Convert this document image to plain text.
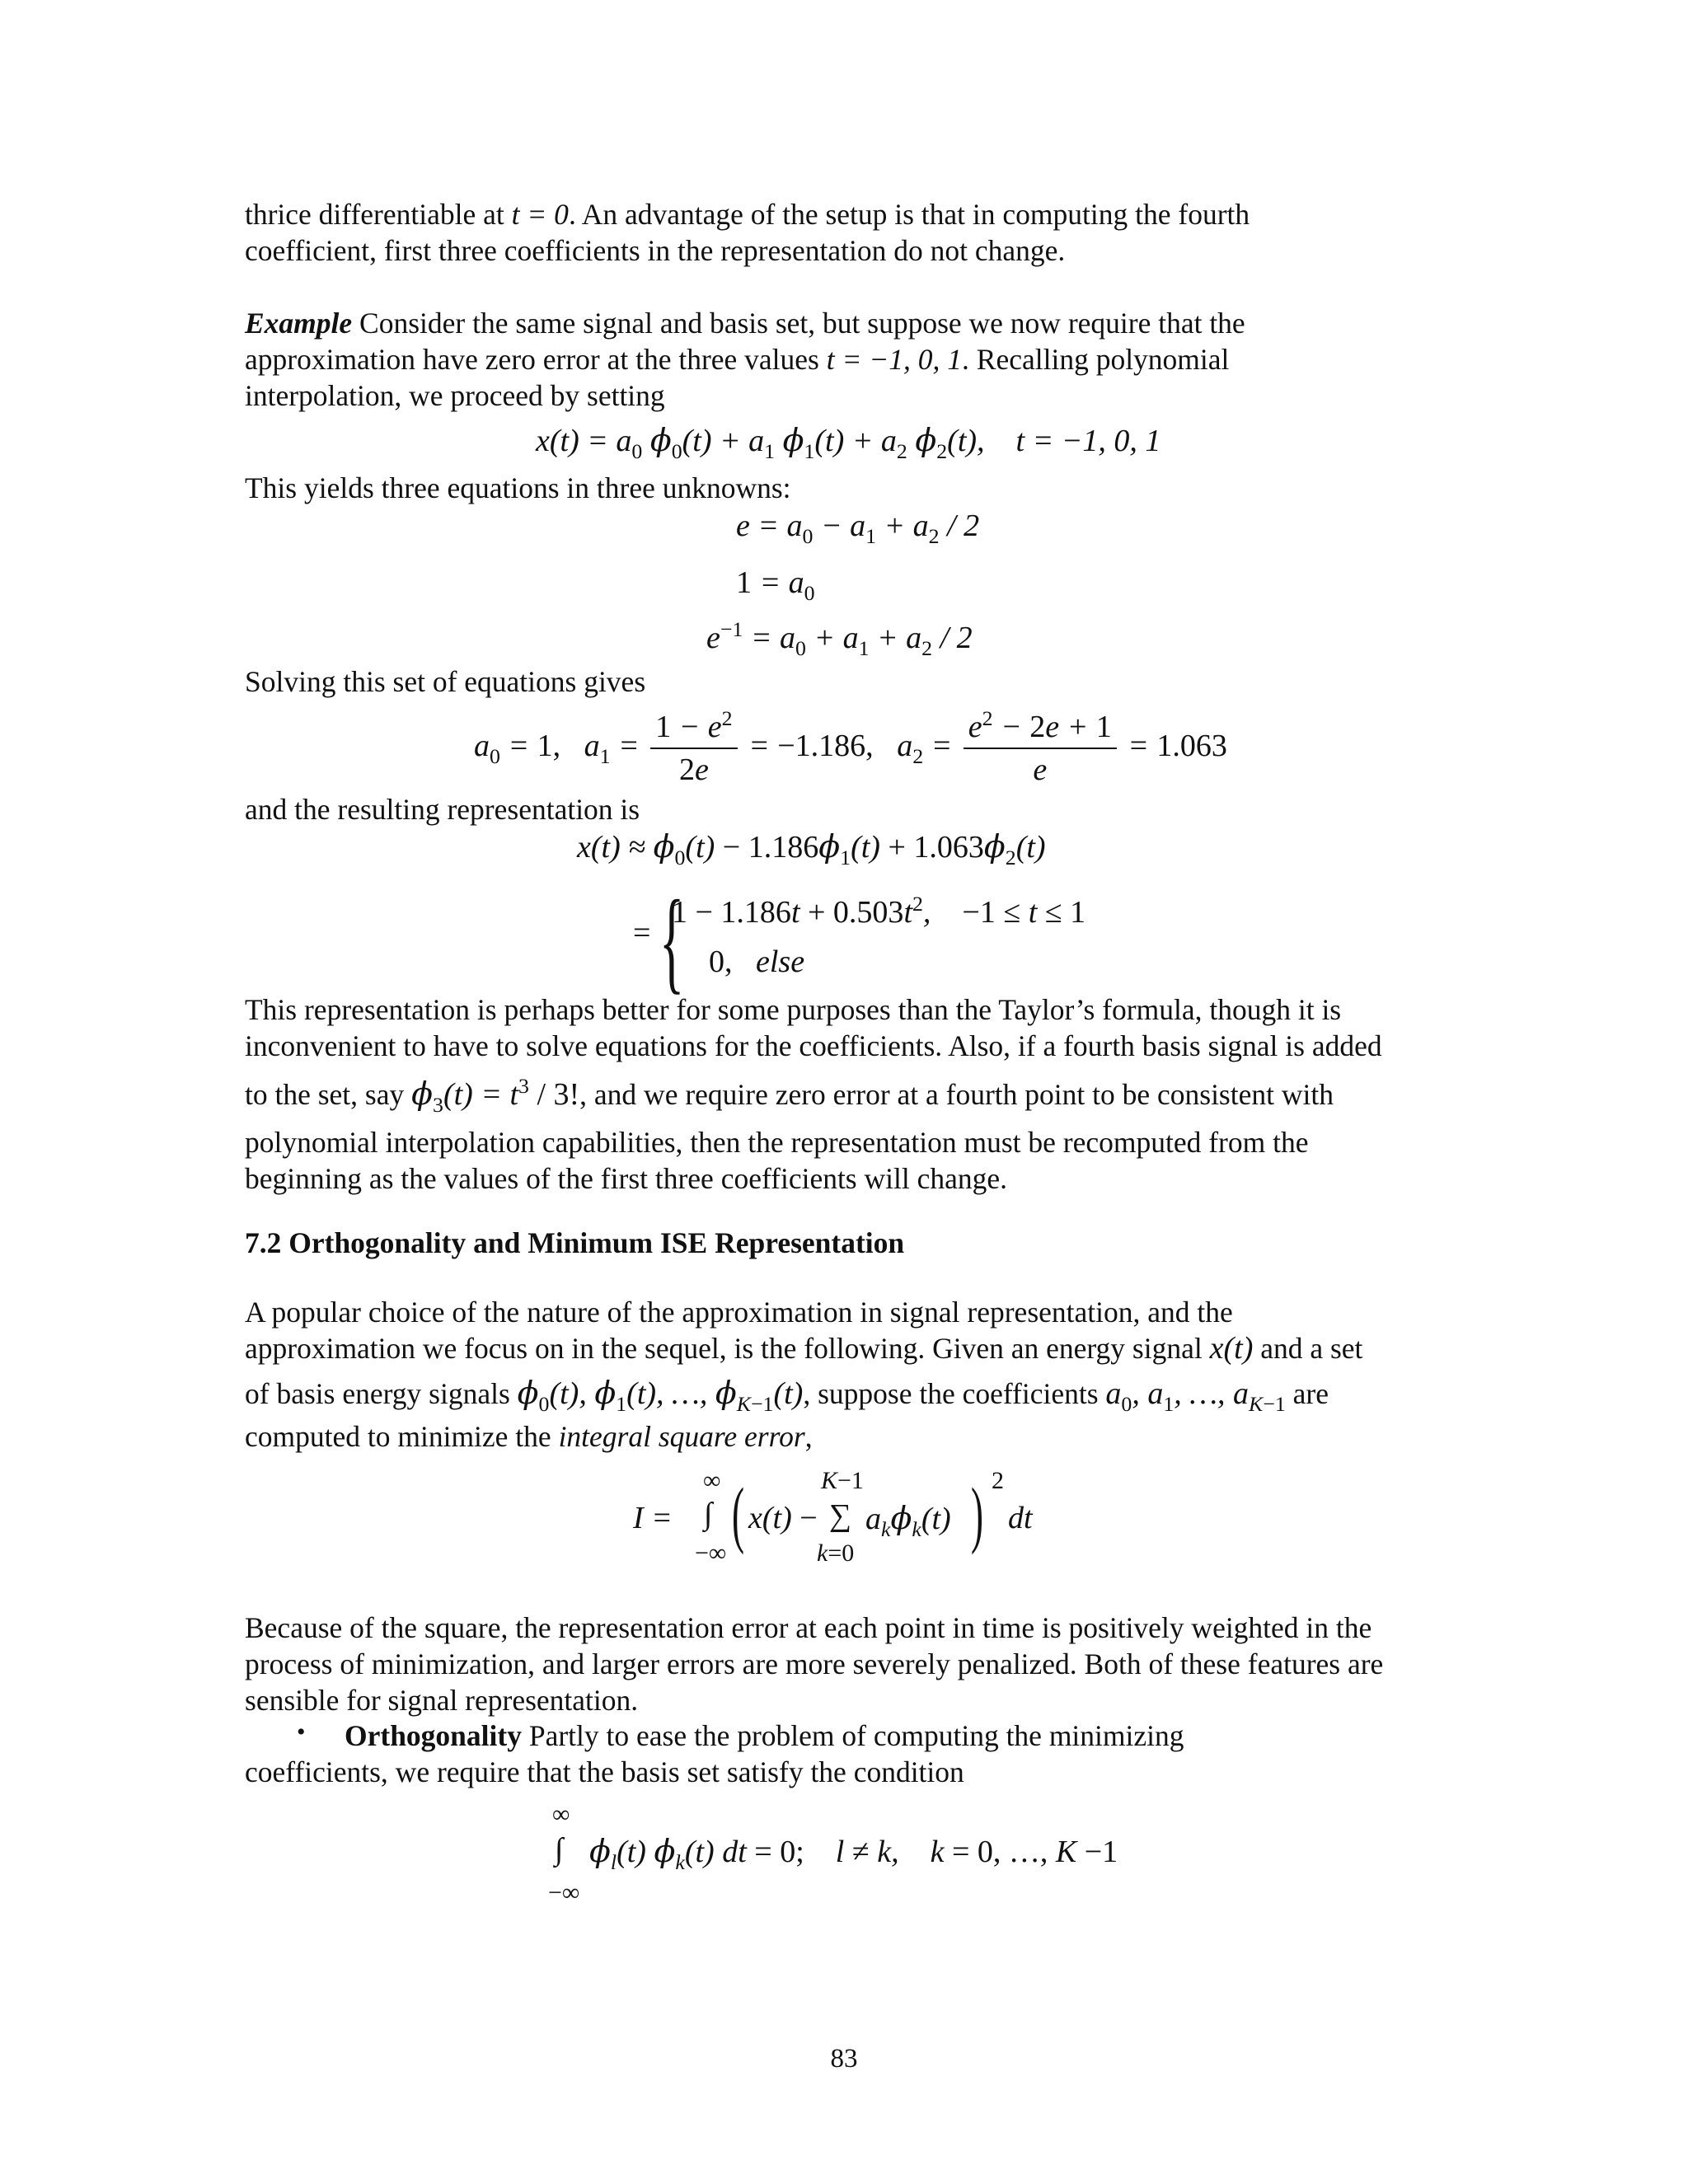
thrice differentiable at t = 0. An advantage of the setup is that in computing the fourth
coefficient, first three coefficients in the representation do not change.

Example Consider the same signal and basis set, but suppose we now require that the
approximation have zero error at the three values t = −1, 0, 1. Recalling polynomial
interpolation, we proceed by setting

$x(t) = a_0$ $\phi_0(t) + a_1$ $\phi_1(t) + a_2$ $\phi_2(t)$,    t = −1, 0, 1

This yields three equations in three unknowns:

$e = a_0 - a_1 + a_2 / 2$
$1 = a_0$
$e^{-1} = a_0 + a_1 + a_2 / 2$

Solving this set of equations gives

$a_0 = 1$,   $a_1 = \frac{1 - e^2}{2e} = -1.186$,   $a_2 = \frac{e^2 - 2e + 1}{e} = 1.063$

and the resulting representation is

$x(t) \approx \phi_0(t) - 1.186\phi_1(t) + 1.063\phi_2(t)$
= {
$1 - 1.186t + 0.503t^2$,    −1 ≤ t ≤ 1
0,   else

This representation is perhaps better for some purposes than the Taylor’s formula, though it is
inconvenient to have to solve equations for the coefficients. Also, if a fourth basis signal is added

to the set, say $\phi_3(t) = t^3 / 3$!, and we require zero error at a fourth point to be consistent with
polynomial interpolation capabilities, then the representation must be recomputed from the
beginning as the values of the first three coefficients will change.

7.2 Orthogonality and Minimum ISE Representation

A popular choice of the nature of the approximation in signal representation, and the
approximation we focus on in the sequel, is the following. Given an energy signal x(t) and a set

of basis energy signals $\phi_0(t)$, $\phi_1(t)$, …, $\phi_{K-1}(t)$, suppose the coefficients $a_0$, $a_1$, …, $a_{K-1}$ are
computed to minimize the integral square error,

I =
∞
∫
−∞ ( x(t) −
K−1
∑
k=0
$a_k\phi_k(t)$ ) 2
dt

Because of the square, the representation error at each point in time is positively weighted in the
process of minimization, and larger errors are more severely penalized. Both of these features are
sensible for signal representation.

• Orthogonality Partly to ease the problem of computing the minimizing

coefficients, we require that the basis set satisfy the condition

∞
∫
−∞
$\phi_l(t)$ $\phi_k(t)$ dt = 0;    l ≠ k,    k = 0, …, K −1
83
